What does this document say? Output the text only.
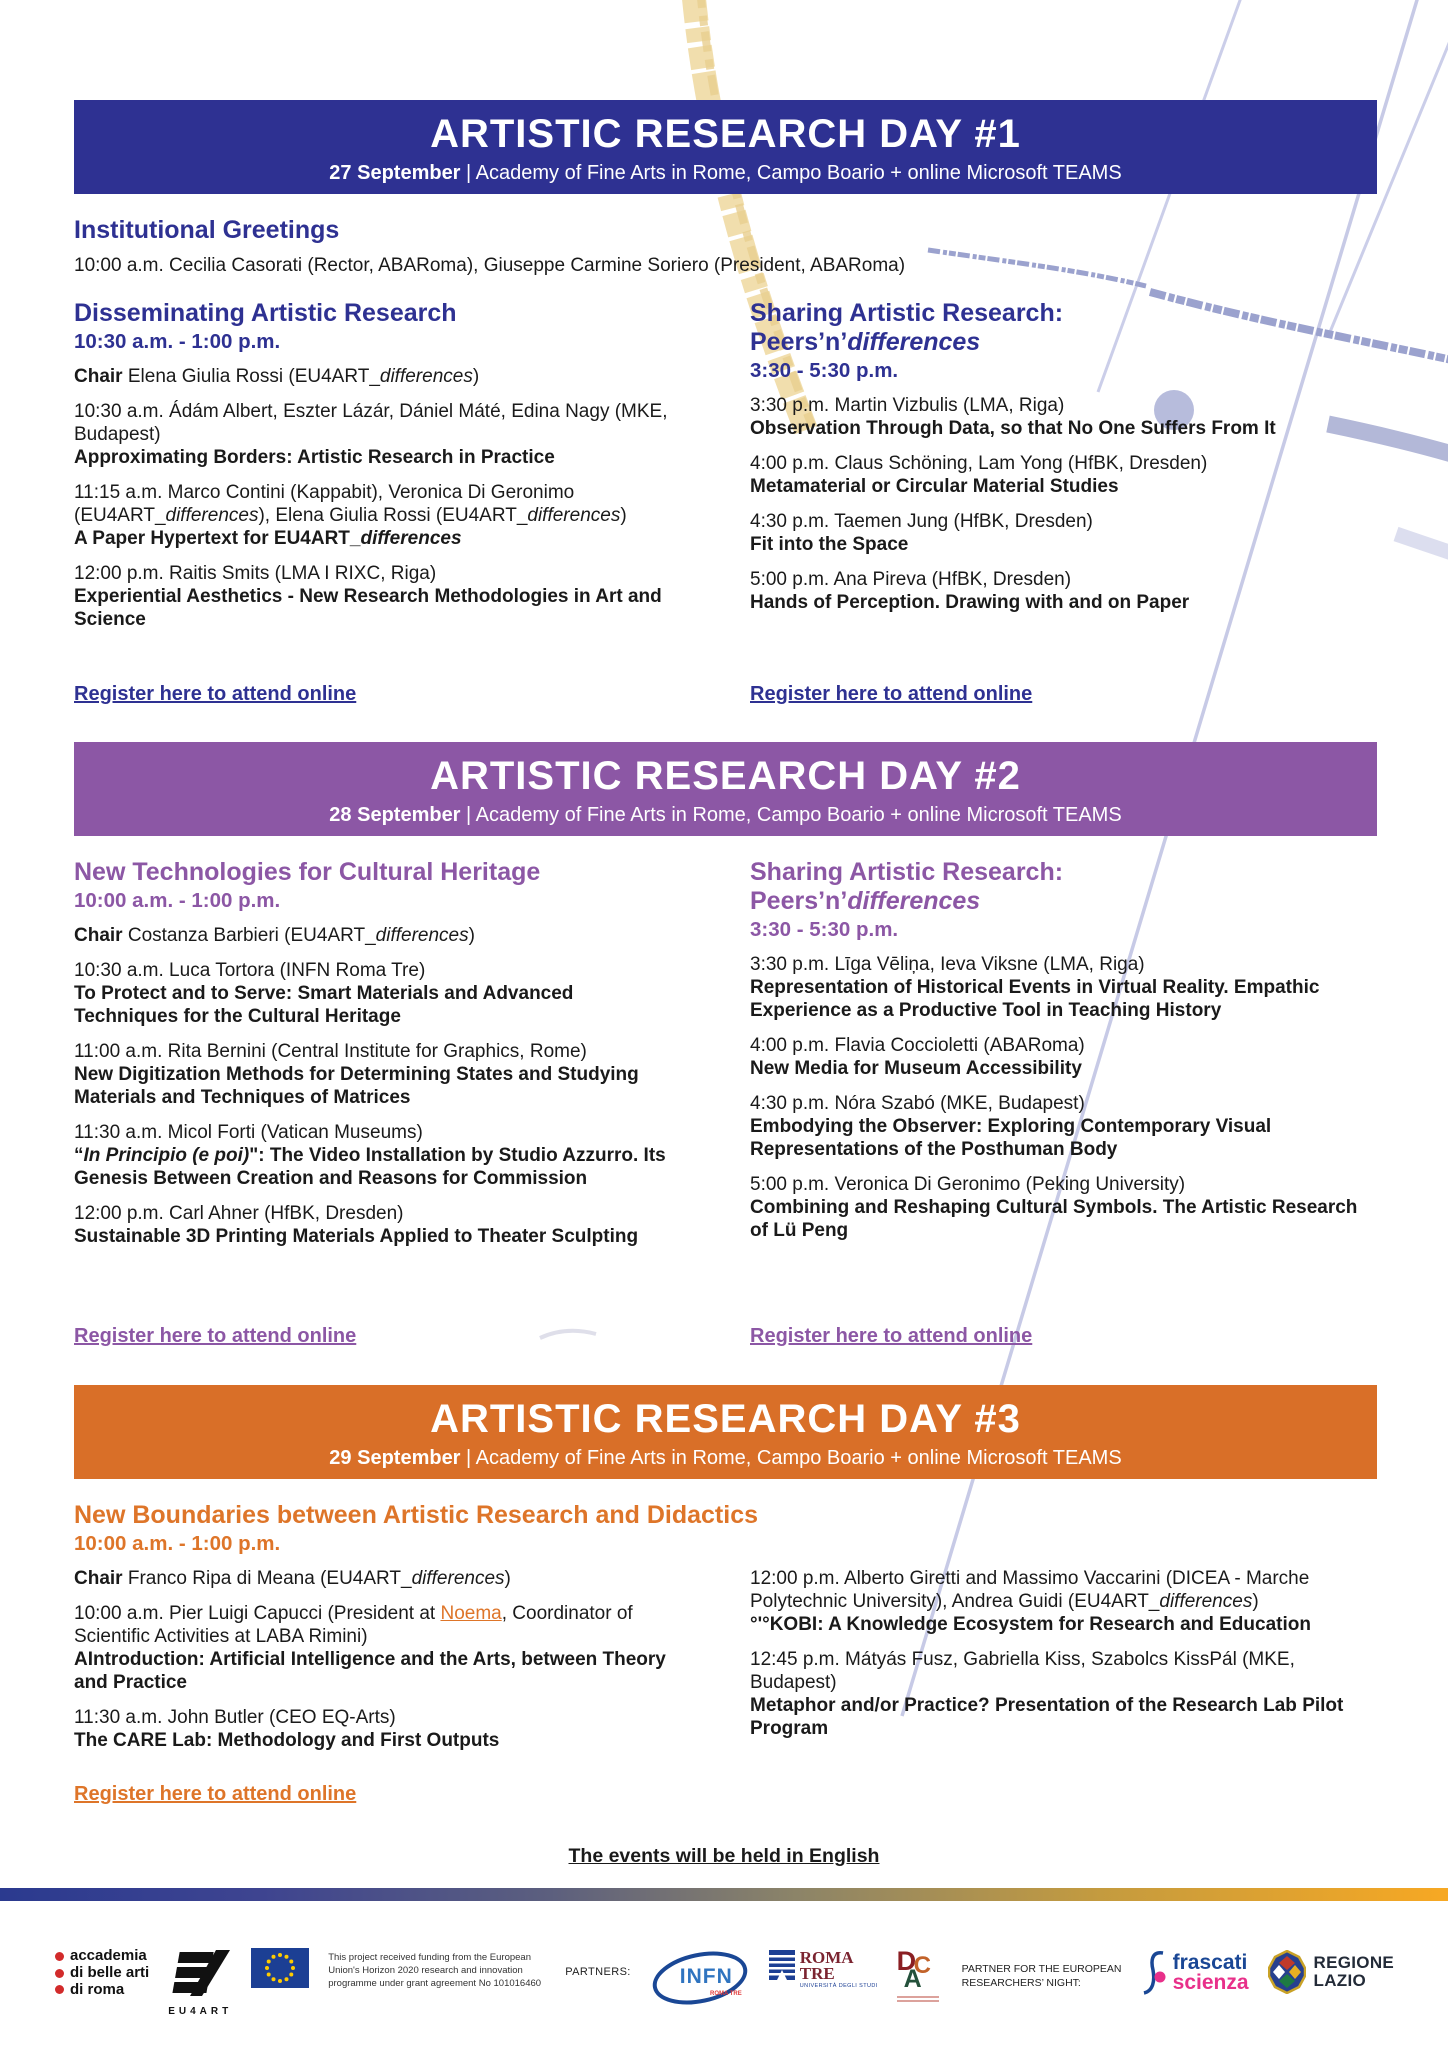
ARTISTIC RESEARCH DAY #1
27 September | Academy of Fine Arts in Rome, Campo Boario + online Microsoft TEAMS
Institutional Greetings
10:00 a.m. Cecilia Casorati (Rector, ABARoma), Giuseppe Carmine Soriero (President, ABARoma)
Disseminating Artistic Research
10:30 a.m. - 1:00 p.m.
Chair Elena Giulia Rossi (EU4ART_differences)
10:30 a.m. Ádám Albert, Eszter Lázár, Dániel Máté, Edina Nagy (MKE, Budapest)
Approximating Borders: Artistic Research in Practice
11:15 a.m. Marco Contini (Kappabit), Veronica Di Geronimo (EU4ART_differences), Elena Giulia Rossi (EU4ART_differences)
A Paper Hypertext for EU4ART_differences
12:00 p.m. Raitis Smits (LMA I RIXC, Riga)
Experiential Aesthetics - New Research Methodologies in Art and Science
Sharing Artistic Research:
Peers’n’differences
3:30 - 5:30 p.m.
3:30 p.m. Martin Vizbulis (LMA, Riga)
Observation Through Data, so that No One Suffers From It
4:00 p.m. Claus Schöning, Lam Yong (HfBK, Dresden)
Metamaterial or Circular Material Studies
4:30 p.m. Taemen Jung (HfBK, Dresden)
Fit into the Space
5:00 p.m. Ana Pireva (HfBK, Dresden)
Hands of Perception. Drawing with and on Paper
Register here to attend online	Register here to attend online
ARTISTIC RESEARCH DAY #2
28 September | Academy of Fine Arts in Rome, Campo Boario + online Microsoft TEAMS
New Technologies for Cultural Heritage
10:00 a.m. - 1:00 p.m.
Chair Costanza Barbieri (EU4ART_differences)
10:30 a.m. Luca Tortora (INFN Roma Tre)
To Protect and to Serve: Smart Materials and Advanced Techniques for the Cultural Heritage
11:00 a.m. Rita Bernini (Central Institute for Graphics, Rome)
New Digitization Methods for Determining States and Studying Materials and Techniques of Matrices
11:30 a.m. Micol Forti (Vatican Museums)
“In Principio (e poi)": The Video Installation by Studio Azzurro. Its Genesis Between Creation and Reasons for Commission
12:00 p.m. Carl Ahner (HfBK, Dresden)
Sustainable 3D Printing Materials Applied to Theater Sculpting
Sharing Artistic Research:
Peers’n’differences
3:30 - 5:30 p.m.
3:30 p.m. Līga Vēliņa, Ieva Viksne (LMA, Riga)
Representation of Historical Events in Virtual Reality. Empathic Experience as a Productive Tool in Teaching History
4:00 p.m. Flavia Coccioletti (ABARoma)
New Media for Museum Accessibility
4:30 p.m. Nóra Szabó (MKE, Budapest)
Embodying the Observer: Exploring Contemporary Visual Representations of the Posthuman Body
5:00 p.m. Veronica Di Geronimo (Peking University)
Combining and Reshaping Cultural Symbols. The Artistic Research of Lü Peng
Register here to attend online	Register here to attend online
ARTISTIC RESEARCH DAY #3
29 September | Academy of Fine Arts in Rome, Campo Boario + online Microsoft TEAMS
New Boundaries between Artistic Research and Didactics
10:00 a.m. - 1:00 p.m.
Chair Franco Ripa di Meana (EU4ART_differences)
10:00 a.m. Pier Luigi Capucci (President at Noema, Coordinator of Scientific Activities at LABA Rimini)
AIntroduction: Artificial Intelligence and the Arts, between Theory and Practice
11:30 a.m. John Butler (CEO EQ-Arts)
The CARE Lab: Methodology and First Outputs
12:00 p.m. Alberto Giretti and Massimo Vaccarini (DICEA - Marche Polytechnic University), Andrea Guidi (EU4ART_differences)
°'°KOBI: A Knowledge Ecosystem for Research and Education
12:45 p.m. Mátyás Fusz, Gabriella Kiss, Szabolcs KissPál (MKE, Budapest)
Metaphor and/or Practice? Presentation of the Research Lab Pilot Program
Register here to attend online
The events will be held in English
accademia
di belle arti
di roma
EU4ART
This project received funding from the European Union's Horizon 2020 research and innovation programme under grant agreement No 101016460
PARTNERS: INFN
ROMA TRE
ROMA
TRE
UNIVERSITÀ DEGLI STUDI
D
C
A	PARTNER FOR THE EUROPEAN RESEARCHERS’ NIGHT:
frascati
scienza
REGIONE
LAZIO
